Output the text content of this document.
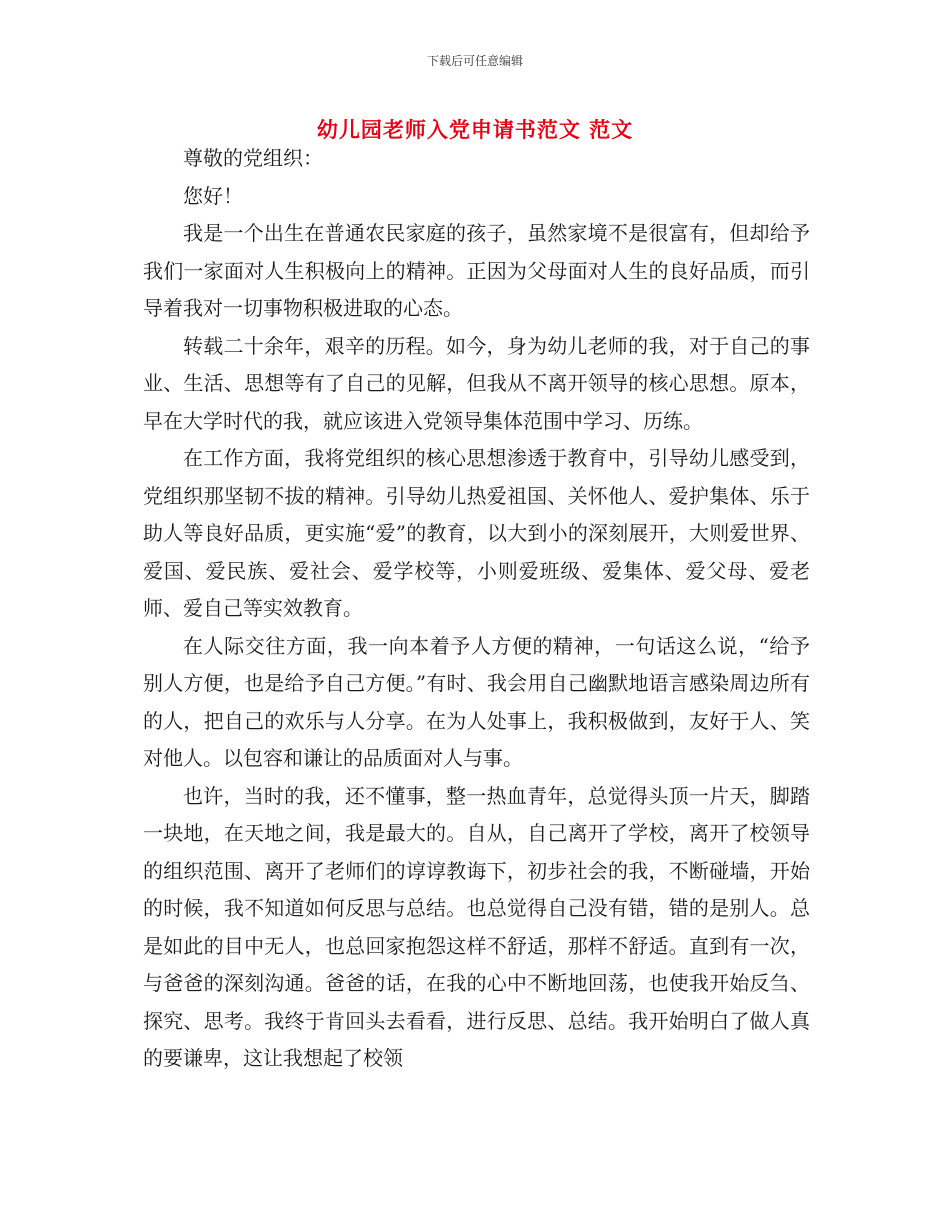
下载后可任意编辑
幼儿园老师入党申请书范文 范文

尊敬的党组织：

您好！

我是一个出生在普通农民家庭的孩子，虽然家境不是很富有，但却给予我们一家面对人生积极向上的精神。正因为父母面对人生的良好品质，而引导着我对一切事物积极进取的心态。

转载二十余年，艰辛的历程。如今，身为幼儿老师的我，对于自己的事业、生活、思想等有了自己的见解，但我从不离开领导的核心思想。原本，早在大学时代的我，就应该进入党领导集体范围中学习、历练。

在工作方面，我将党组织的核心思想渗透于教育中，引导幼儿感受到，党组织那坚韧不拔的精神。引导幼儿热爱祖国、关怀他人、爱护集体、乐于助人等良好品质，更实施“爱”的教育，以大到小的深刻展开，大则爱世界、爱国、爱民族、爱社会、爱学校等，小则爱班级、爱集体、爱父母、爱老师、爱自己等实效教育。

在人际交往方面，我一向本着予人方便的精神，一句话这么说，“给予别人方便，也是给予自己方便。”有时、我会用自己幽默地语言感染周边所有的人，把自己的欢乐与人分享。在为人处事上，我积极做到，友好于人、笑对他人。以包容和谦让的品质面对人与事。

也许，当时的我，还不懂事，整一热血青年，总觉得头顶一片天，脚踏一块地，在天地之间，我是最大的。自从，自己离开了学校，离开了校领导的组织范围、离开了老师们的谆谆教诲下，初步社会的我，不断碰墙，开始的时候，我不知道如何反思与总结。也总觉得自己没有错，错的是别人。总是如此的目中无人，也总回家抱怨这样不舒适，那样不舒适。直到有一次，与爸爸的深刻沟通。爸爸的话，在我的心中不断地回荡，也使我开始反刍、探究、思考。我终于肯回头去看看，进行反思、总结。我开始明白了做人真的要谦卑，这让我想起了校领
